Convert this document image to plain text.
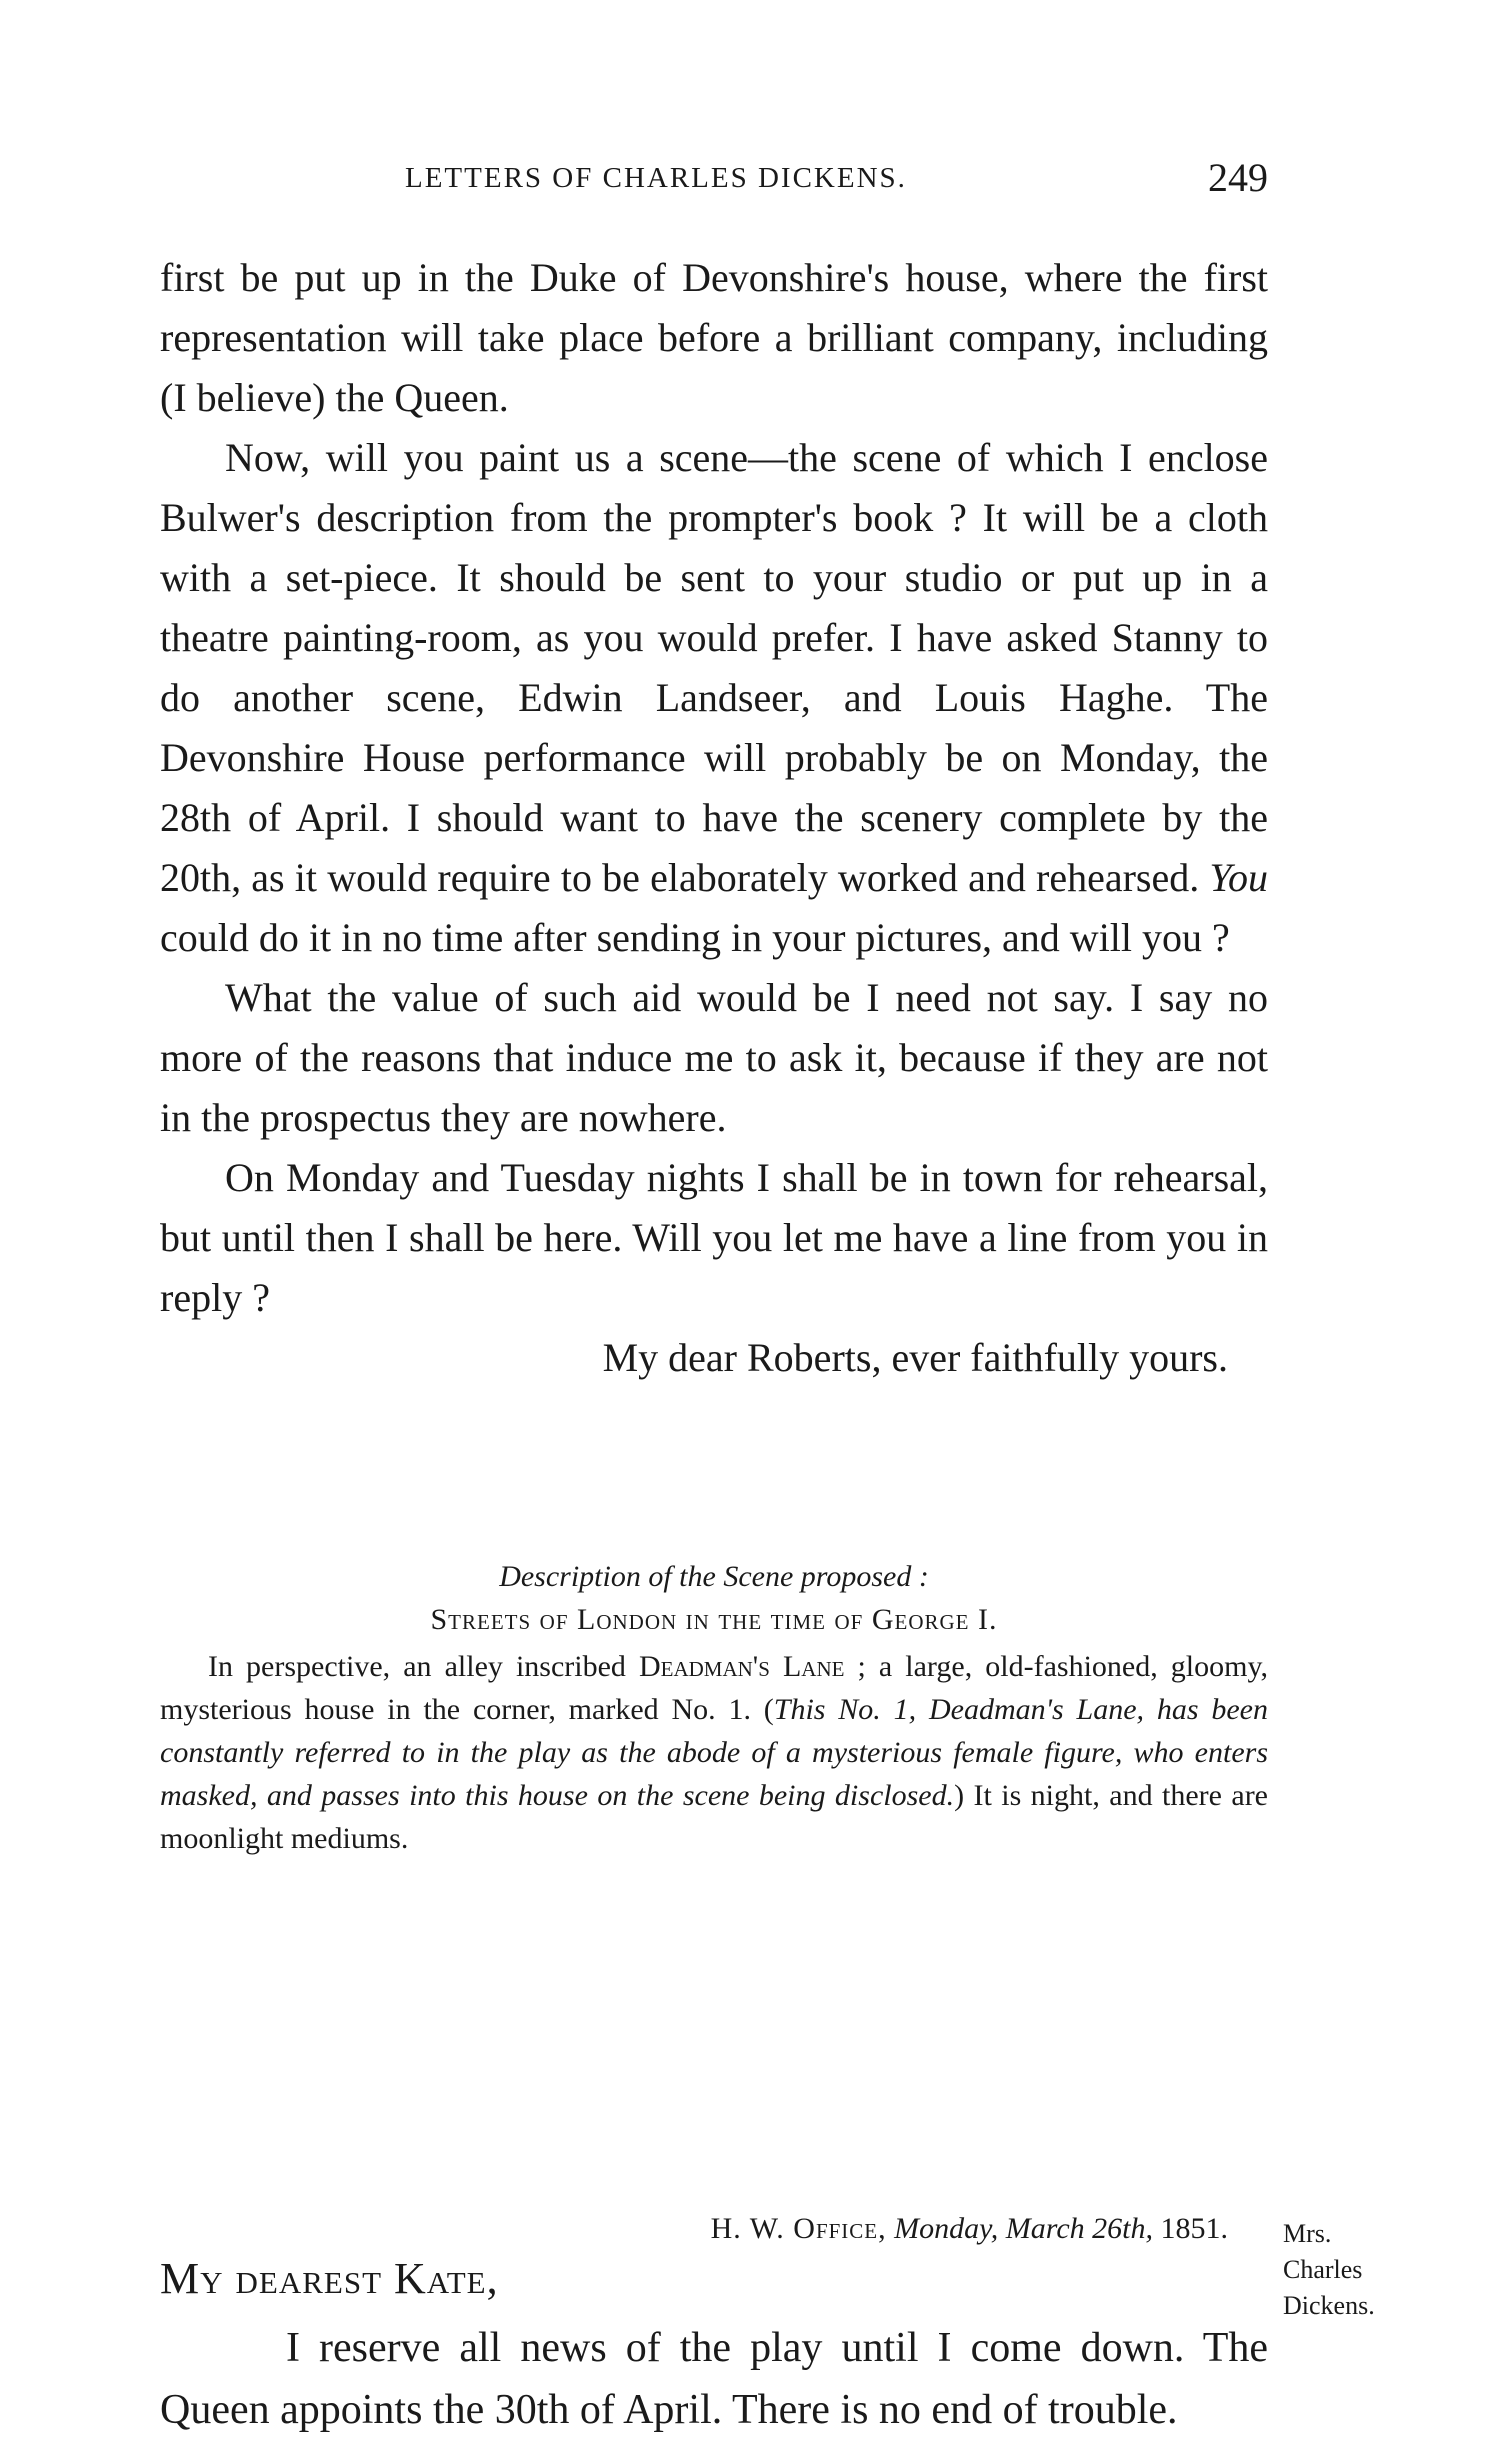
LETTERS OF CHARLES DICKENS.	249

first be put up in the Duke of Devonshire's house, where the first representation will take place before a brilliant company, including (I believe) the Queen.

Now, will you paint us a scene—the scene of which I enclose Bulwer's description from the prompter's book ? It will be a cloth with a set-piece. It should be sent to your studio or put up in a theatre painting-room, as you would prefer. I have asked Stanny to do another scene, Edwin Landseer, and Louis Haghe. The Devonshire House performance will probably be on Monday, the 28th of April. I should want to have the scenery complete by the 20th, as it would require to be elaborately worked and rehearsed. You could do it in no time after sending in your pictures, and will you ?

What the value of such aid would be I need not say. I say no more of the reasons that induce me to ask it, because if they are not in the prospectus they are nowhere.

On Monday and Tuesday nights I shall be in town for rehearsal, but until then I shall be here. Will you let me have a line from you in reply ?

My dear Roberts, ever faithfully yours.

Description of the Scene proposed :

Streets of London in the time of George I.

In perspective, an alley inscribed Deadman's Lane ; a large, old-fashioned, gloomy, mysterious house in the corner, marked No. 1. (This No. 1, Deadman's Lane, has been constantly referred to in the play as the abode of a mysterious female figure, who enters masked, and passes into this house on the scene being disclosed.) It is night, and there are moonlight mediums.

H. W. Office, Monday, March 26th, 1851. Mrs.
Charles
Dickens.
My dearest Kate,

I reserve all news of the play until I come down. The Queen appoints the 30th of April. There is no end of trouble.
